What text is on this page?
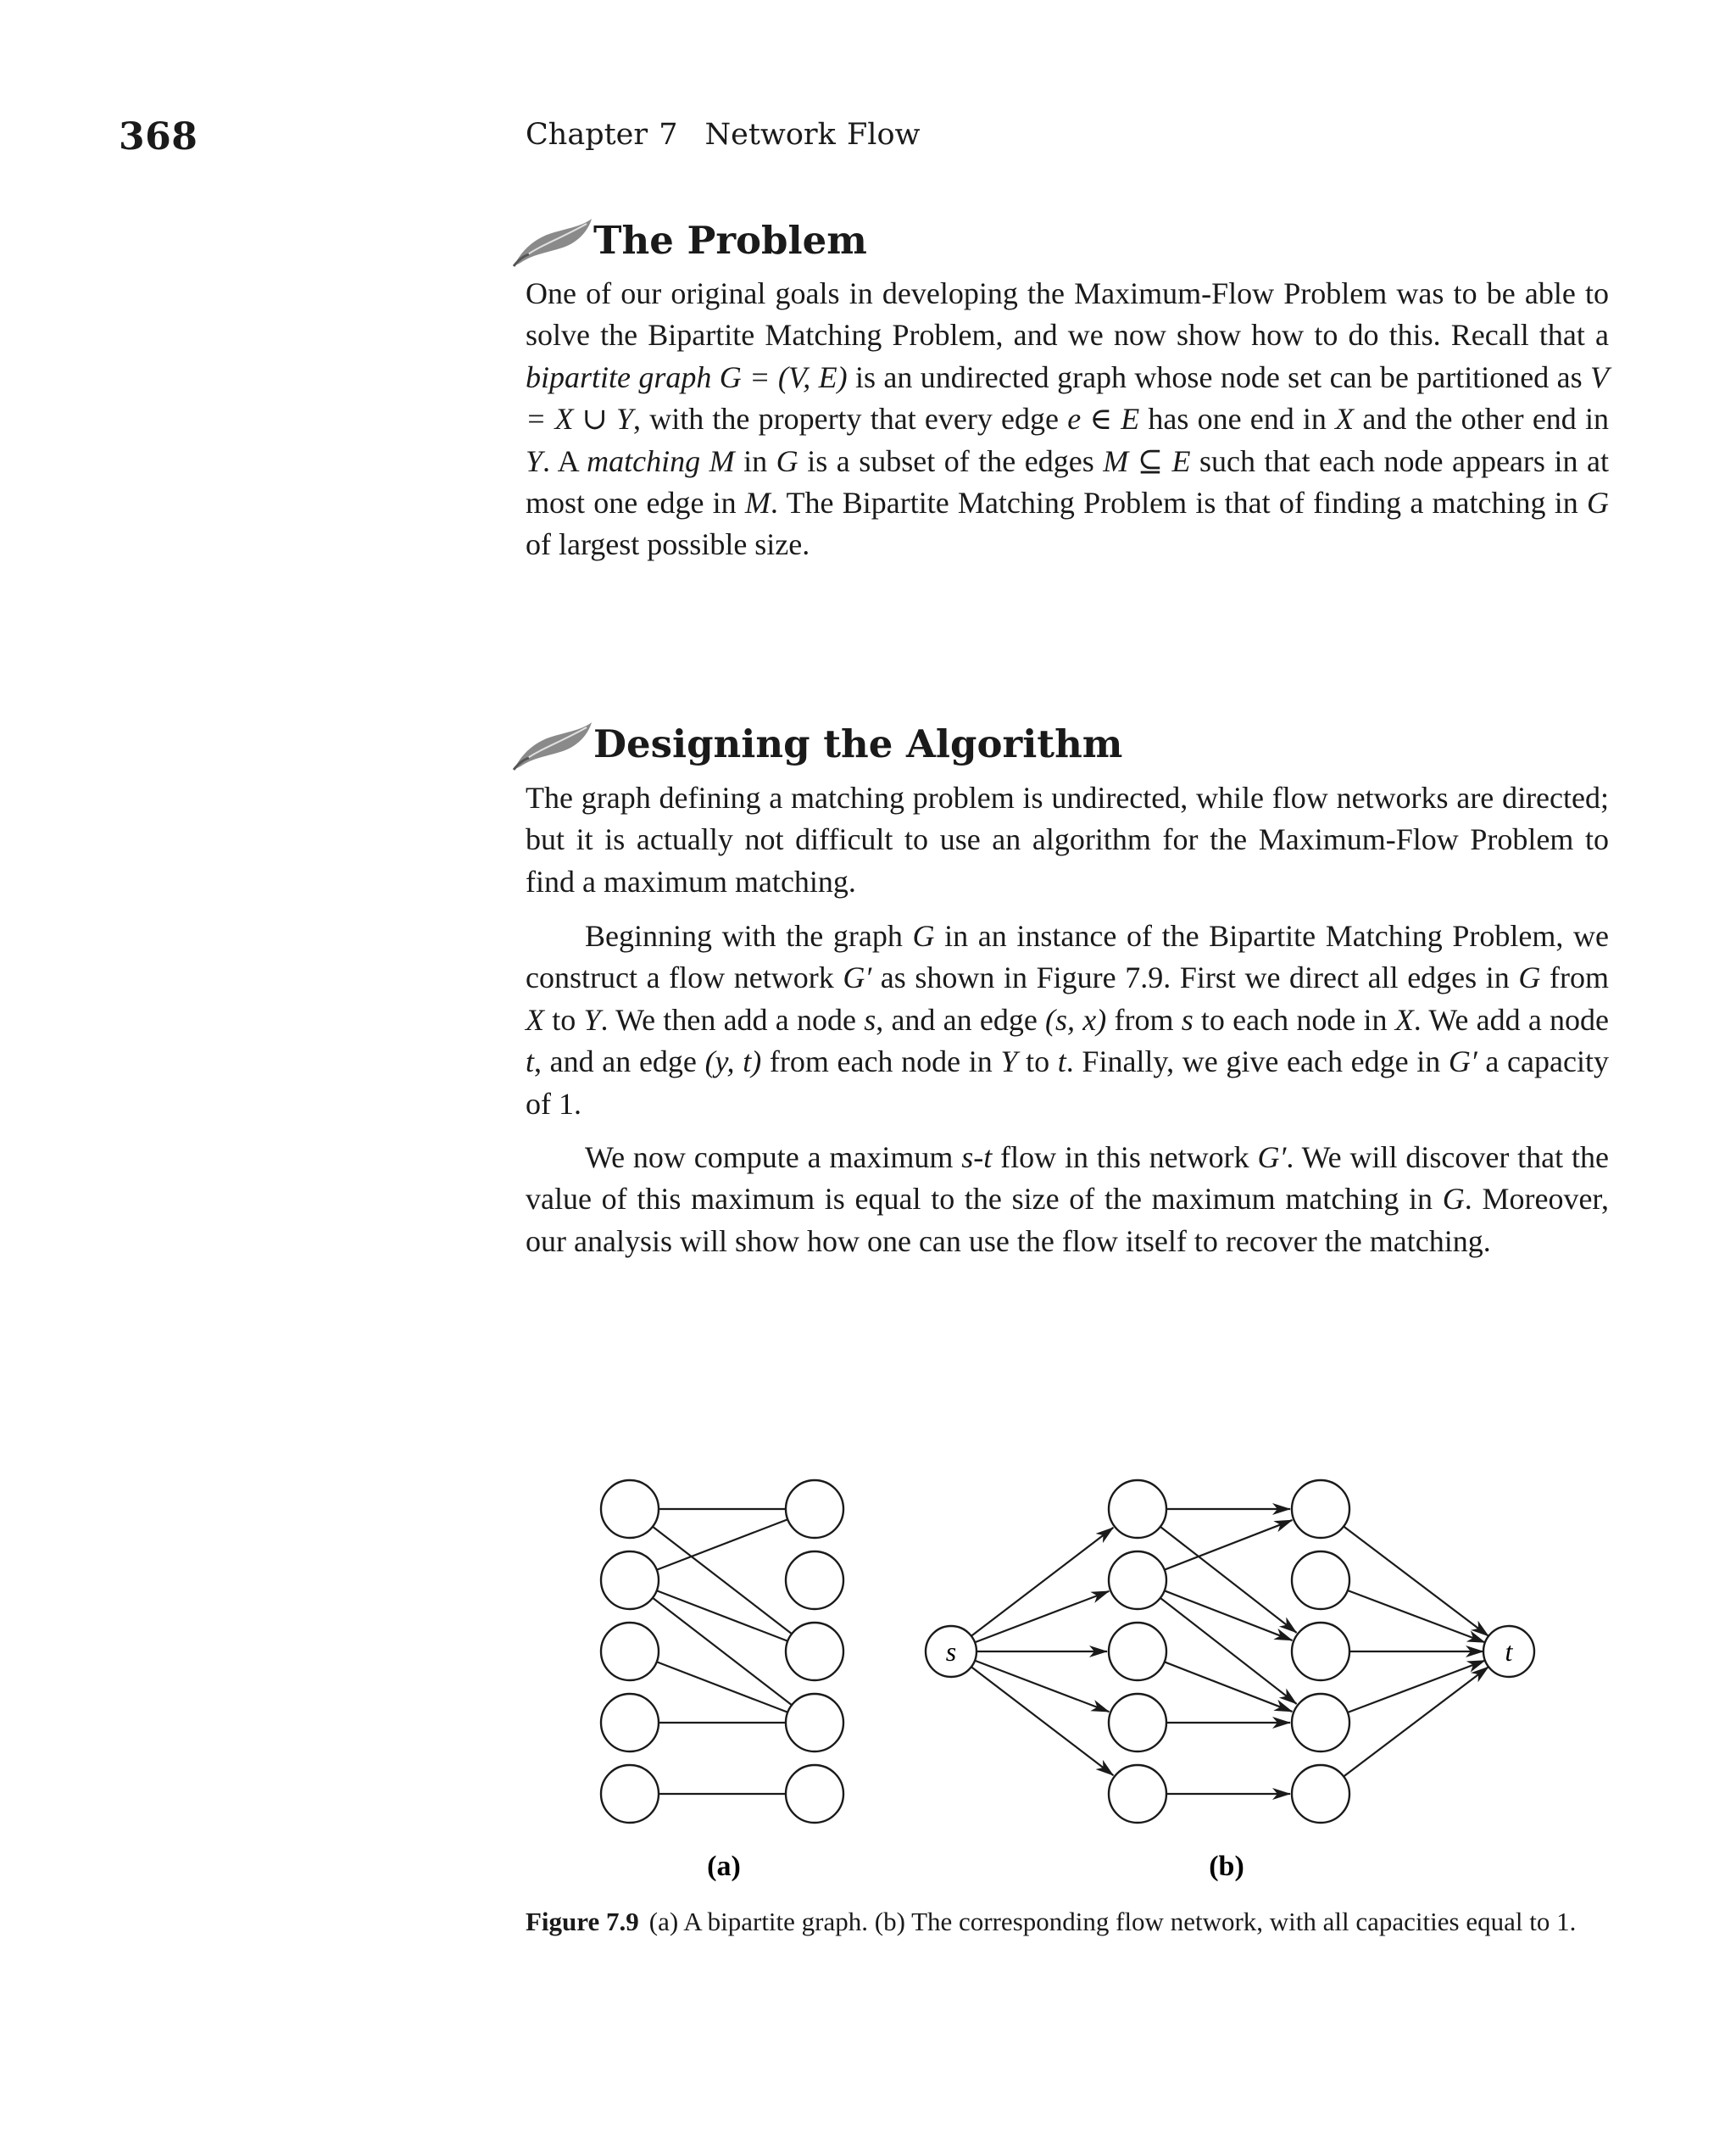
368	Chapter 7 Network Flow
The Problem

One of our original goals in developing the Maximum-Flow Problem was to be able to solve the Bipartite Matching Problem, and we now show how to do this. Recall that a bipartite graph G = (V, E) is an undirected graph whose node set can be partitioned as V = X ∪ Y, with the property that every edge e ∈ E has one end in X and the other end in Y. A matching M in G is a subset of the edges M ⊆ E such that each node appears in at most one edge in M. The Bipartite Matching Problem is that of finding a matching in G of largest possible size.

Designing the Algorithm

The graph defining a matching problem is undirected, while flow networks are directed; but it is actually not difficult to use an algorithm for the Maximum-Flow Problem to find a maximum matching.

Beginning with the graph G in an instance of the Bipartite Matching Problem, we construct a flow network G′ as shown in Figure 7.9. First we direct all edges in G from X to Y. We then add a node s, and an edge (s, x) from s to each node in X. We add a node t, and an edge (y, t) from each node in Y to t. Finally, we give each edge in G′ a capacity of 1.

We now compute a maximum s-t flow in this network G′. We will discover that the value of this maximum is equal to the size of the maximum matching in G. Moreover, our analysis will show how one can use the flow itself to recover the matching.

s	t
(a)	(b)

Figure 7.9 (a) A bipartite graph. (b) The corresponding flow network, with all capacities equal to 1.
